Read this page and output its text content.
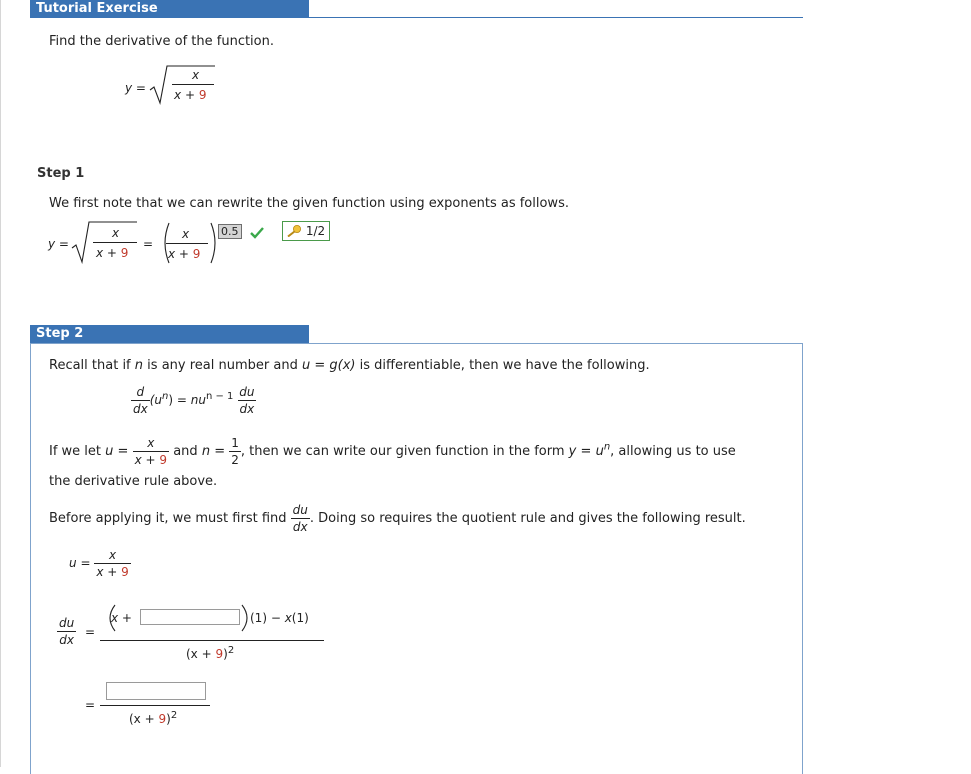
Tutorial Exercise
Find the derivative of the function.
y =
x
x + 9
Step 1
We first note that we can rewrite the given function using exponents as follows.
y =
x
x + 9
=
x
x + 9
0.5	1/2
Step 2
Recall that if n is any real number and u = g(x) is differentiable, then we have the following.
$\frac{d}{dx} (u^n) = nu^{n - 1} \frac{du}{dx}$
If we let $u = \frac{x}{x + 9}$ and $n = \frac{1}{2}$ , then we can write our given function in the form $y = u^n$, allowing us to use
the derivative rule above.
Before applying it, we must first find $\frac{du}{dx}$ . Doing so requires the quotient rule and gives the following result.
$u = \frac{x}{x + 9}$
$\frac{du}{dx}$ =
x +	(1) − x(1)
$(x + 9)^2$
=
$(x + 9)^2$
